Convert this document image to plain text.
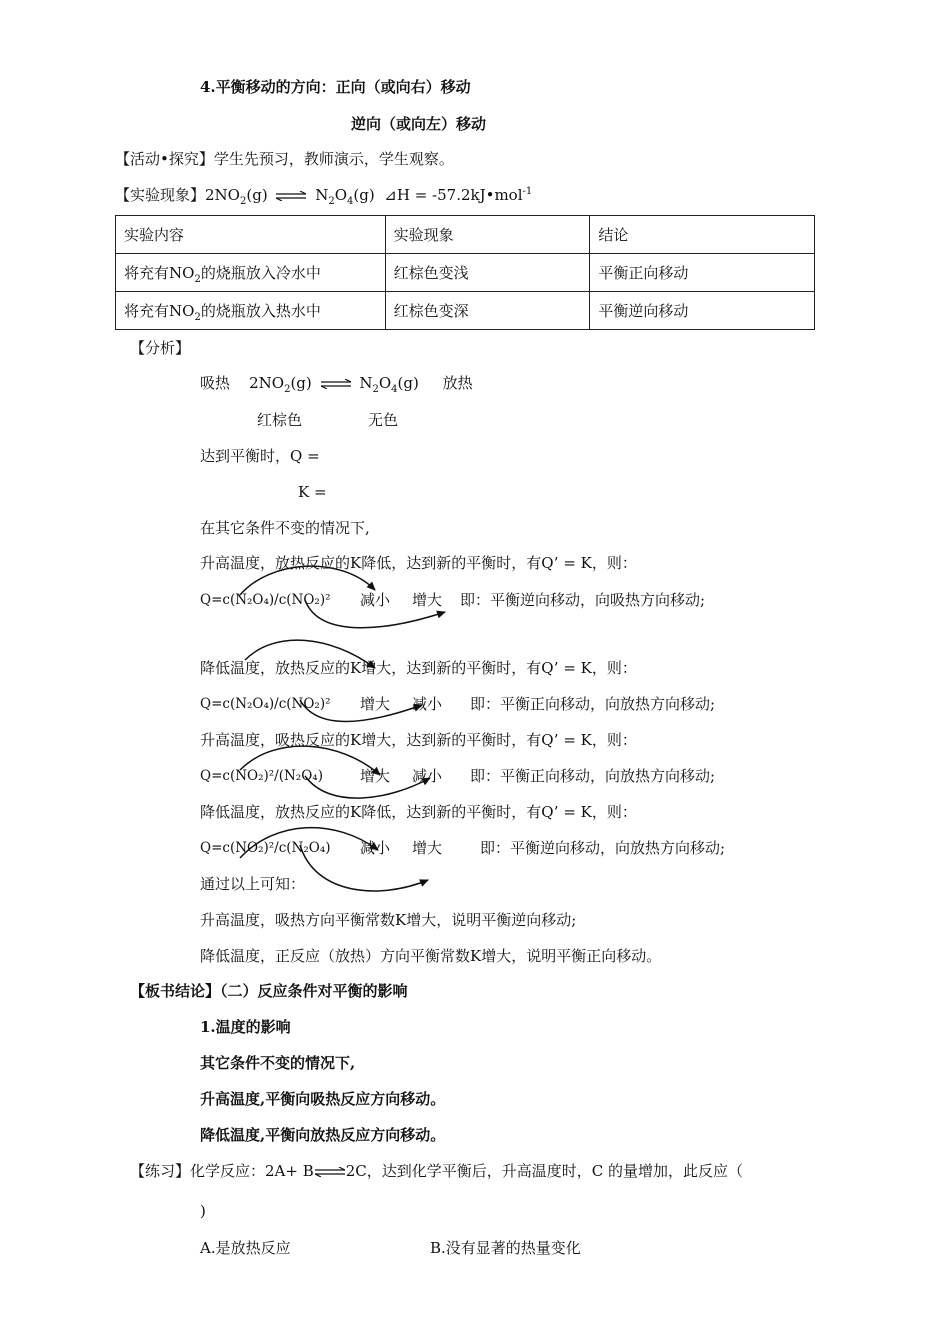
4.平衡移动的方向：正向（或向右）移动
逆向（或向左）移动
【活动•探究】学生先预习，教师演示，学生观察。
【实验现象】$2NO_2(g)$ ⇌ $N_2O_4(g)$ ⊿H = -57.2kJ•mol$^{-1}$
实验内容	实验现象	结论
将充有$NO_2$的烧瓶放入冷水中	红棕色变浅	平衡正向移动
将充有$NO_2$的烧瓶放入热水中	红棕色变深	平衡逆向移动
【分析】
吸热 $2NO_2(g)$ ⇌ $N_2O_4(g)$ 放热
红棕色	无色
达到平衡时，Q =
K =
在其它条件不变的情况下,
升高温度，放热反应的K降低，达到新的平衡时，有Q’ = K，则：
Q=c(N₂O₄)/c(NO₂)² 减小 增大 即：平衡逆向移动，向吸热方向移动;
降低温度，放热反应的K增大，达到新的平衡时，有Q’ = K，则：
Q=c(N₂O₄)/c(NO₂)² 增大 减小 即：平衡正向移动，向放热方向移动;
升高温度，吸热反应的K增大，达到新的平衡时，有Q’ = K，则：
Q=c(NO₂)²/(N₂O₄) 增大 减小 即：平衡正向移动，向放热方向移动;
降低温度，放热反应的K降低，达到新的平衡时，有Q’ = K，则：
Q=c(NO₂)²/c(N₂O₄) 减小 增大	即：平衡逆向移动，向放热方向移动;
通过以上可知：
升高温度，吸热方向平衡常数K增大，说明平衡逆向移动;
降低温度，正反应（放热）方向平衡常数K增大，说明平衡正向移动。
【板书结论】（二）反应条件对平衡的影响
1.温度的影响
其它条件不变的情况下,
升高温度,平衡向吸热反应方向移动。
降低温度,平衡向放热反应方向移动。
【练习】化学反应：2A+ B⇌2C，达到化学平衡后，升高温度时，C 的量增加，此反应（
)
A.是放热反应	B.没有显著的热量变化
